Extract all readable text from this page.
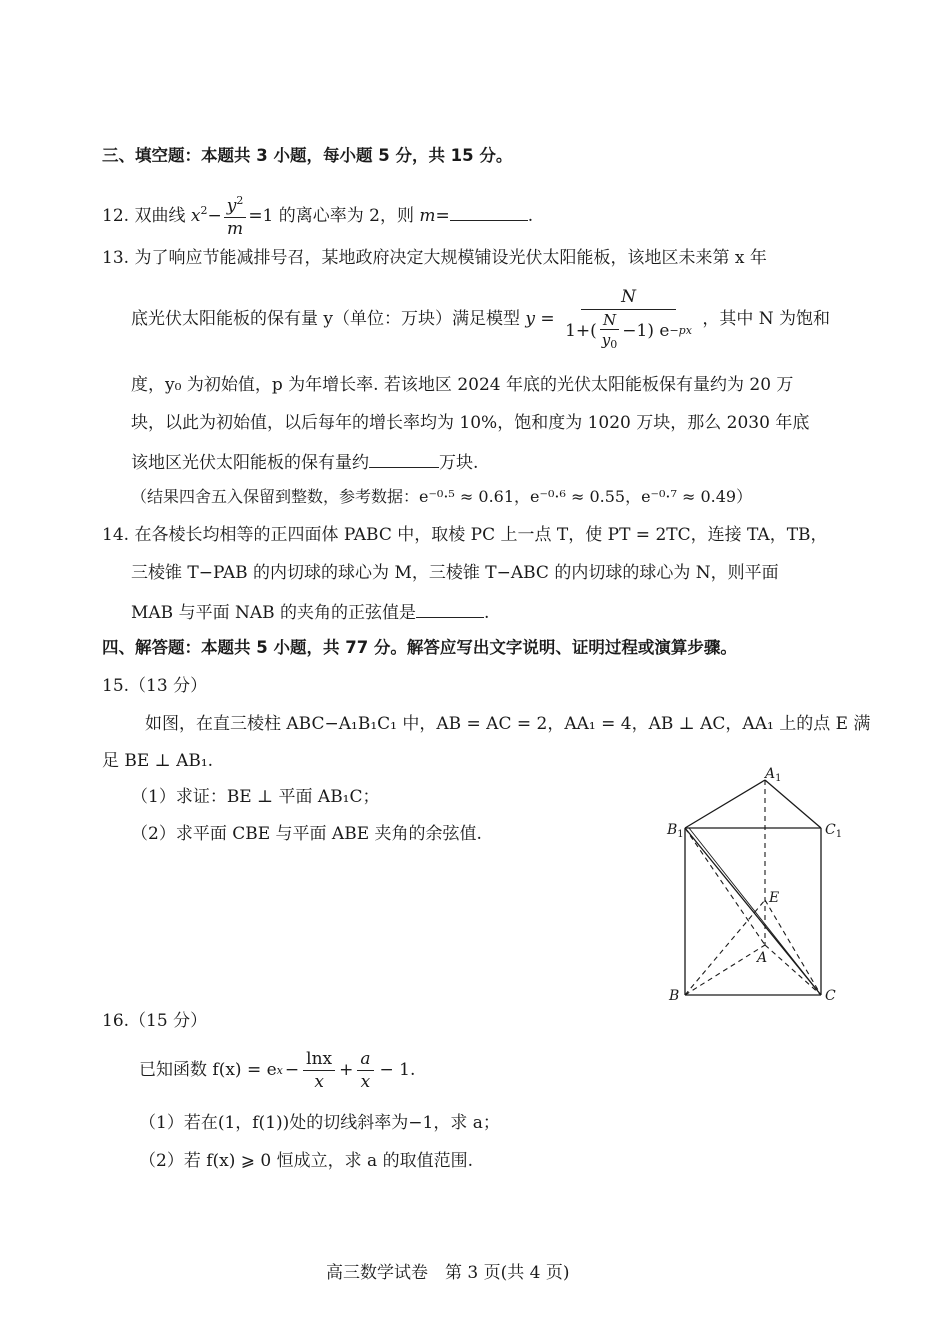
三、填空题：本题共 3 小题，每小题 5 分，共 15 分。
12. 双曲线 $x^2- \frac{y^2}{m} =1$ 的离心率为 2，则 m=	.
13. 为了响应节能减排号召，某地政府决定大规模铺设光伏太阳能板，该地区未来第 x 年
底光伏太阳能板的保有量 y（单位：万块）满足模型 $y = \frac{N}{1+( \frac{N}{y_0} -1) e -px}$ ，其中 N 为饱和
度，y₀ 为初始值，p 为年增长率. 若该地区 2024 年底的光伏太阳能板保有量约为 20 万
块，以此为初始值，以后每年的增长率均为 10%，饱和度为 1020 万块，那么 2030 年底
该地区光伏太阳能板的保有量约	万块.
（结果四舍五入保留到整数，参考数据：e⁻⁰·⁵ ≈ 0.61，e⁻⁰·⁶ ≈ 0.55，e⁻⁰·⁷ ≈ 0.49）
14. 在各棱长均相等的正四面体 PABC 中，取棱 PC 上一点 T，使 PT = 2TC，连接 TA，TB，
三棱锥 T−PAB 的内切球的球心为 M，三棱锥 T−ABC 的内切球的球心为 N，则平面
MAB 与平面 NAB 的夹角的正弦值是	.
四、解答题：本题共 5 小题，共 77 分。解答应写出文字说明、证明过程或演算步骤。
15.（13 分）
如图，在直三棱柱 ABC−A₁B₁C₁ 中，AB = AC = 2，AA₁ = 4，AB ⊥ AC，AA₁ 上的点 E 满
足 BE ⊥ AB₁.
（1）求证：BE ⊥ 平面 AB₁C；
（2）求平面 CBE 与平面 ABE 夹角的余弦值.
$A_1$
$B_1$	$C_1$
E
A
B	C
16.（15 分）
已知函数 f(x) = e $x - \frac{\ln x}{x} + \frac{a}{x} - 1$.
（1）若在(1，f(1))处的切线斜率为−1，求 a；
（2）若 f(x) ⩾ 0 恒成立，求 a 的取值范围.
高三数学试卷　第 3 页(共 4 页)
